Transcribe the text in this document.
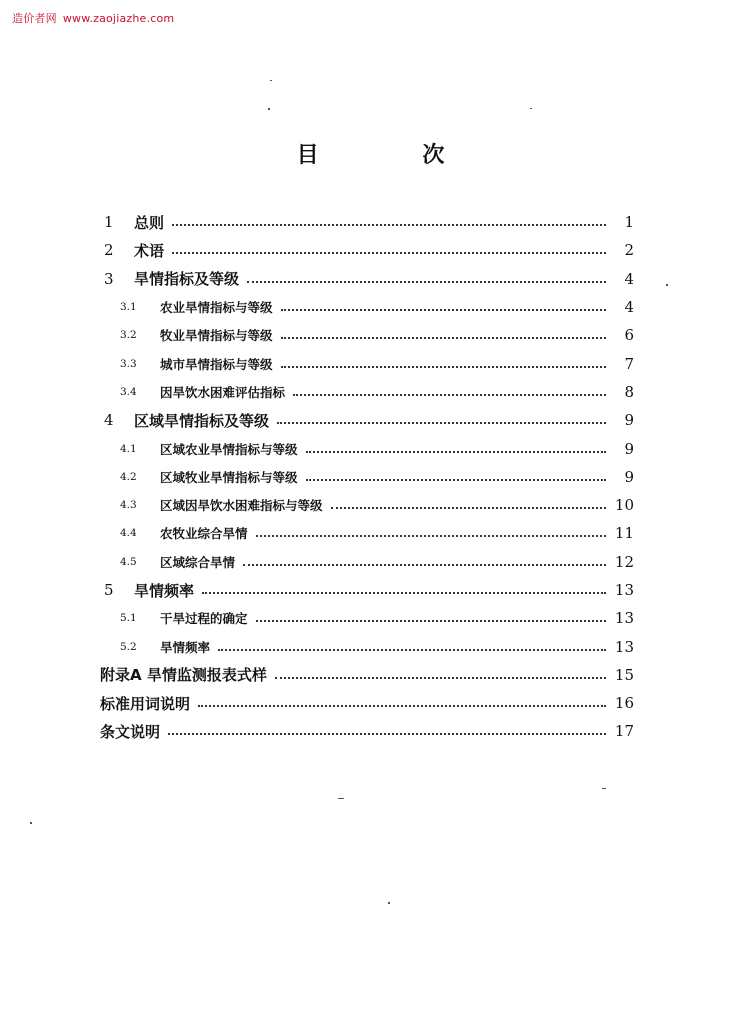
造价者网 www.zaojiazhe.com
目 次
1	总则	1
2	术语	2
3	旱情指标及等级	4
3.1	农业旱情指标与等级	4
3.2	牧业旱情指标与等级	6
3.3	城市旱情指标与等级	7
3.4	因旱饮水困难评估指标	8
4	区域旱情指标及等级	9
4.1	区域农业旱情指标与等级	9
4.2	区域牧业旱情指标与等级	9
4.3	区域因旱饮水困难指标与等级	10
4.4	农牧业综合旱情	11
4.5	区域综合旱情	12
5	旱情频率	13
5.1	干旱过程的确定	13
5.2	旱情频率	13
附录A 旱情监测报表式样	15
标准用词说明	16
条文说明	17
